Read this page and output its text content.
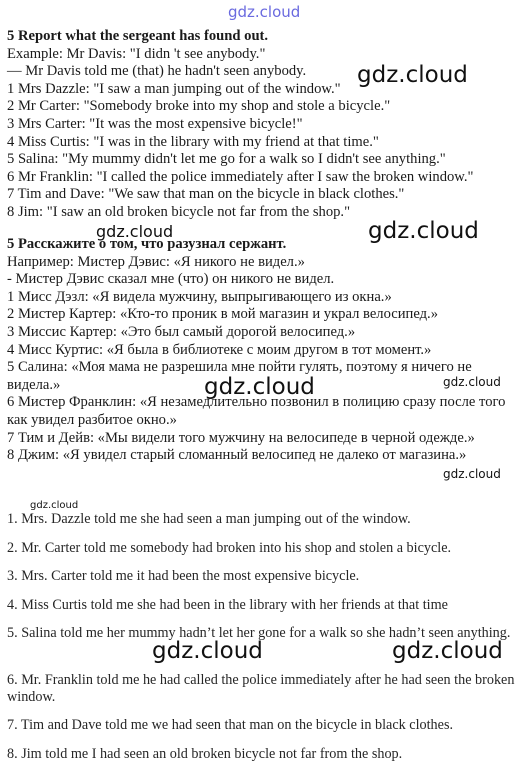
gdz.cloud
gdz.cloud
gdz.cloud
gdz.cloud
gdz.cloud	gdz.cloud
gdz.cloud
gdz.cloud
gdz.cloud	gdz.cloud
5 Report what the sergeant has found out.
Example: Mr Davis: "I didn 't see anybody."
— Mr Davis told me (that) he hadn't seen anybody.
1 Mrs Dazzle: "I saw a man jumping out of the window."
2 Mr Carter: "Somebody broke into my shop and stole a bicycle."
3 Mrs Carter: "It was the most expensive bicycle!"
4 Miss Curtis: "I was in the library with my friend at that time."
5 Salina: "My mummy didn't let me go for a walk so I didn't see anything."
6 Mr Franklin: "I called the police immediately after I saw the broken window."
7 Tim and Dave: "We saw that man on the bicycle in black clothes."
8 Jim: "I saw an old broken bicycle not far from the shop."
5 Расскажите о том, что разузнал сержант.
Например: Мистер Дэвис: «Я никого не видел.»
- Мистер Дэвис сказал мне (что) он никого не видел.
1 Мисс Дэзл: «Я видела мужчину, выпрыгивающего из окна.»
2 Мистер Картер: «Кто-то проник в мой магазин и украл велосипед.»
3 Миссис Картер: «Это был самый дорогой велосипед.»
4 Мисс Куртис: «Я была в библиотеке с моим другом в тот момент.»
5 Салина: «Моя мама не разрешила мне пойти гулять, поэтому я ничего не видела.»
6 Мистер Франклин: «Я незамедлительно позвонил в полицию сразу после того как увидел разбитое окно.»
7 Тим и Дейв: «Мы видели того мужчину на велосипеде в черной одежде.»
8 Джим: «Я увидел старый сломанный велосипед не далеко от магазина.»
1. Mrs. Dazzle told me she had seen a man jumping out of the window.
2. Mr. Carter told me somebody had broken into his shop and stolen a bicycle.
3. Mrs. Carter told me it had been the most expensive bicycle.
4. Miss Curtis told me she had been in the library with her friends at that time
5. Salina told me her mummy hadn’t let her gone for a walk so she hadn’t seen anything.
6. Mr. Franklin told me he had called the police immediately after he had seen the broken window.
7. Tim and Dave told me we had seen that man on the bicycle in black clothes.
8. Jim told me I had seen an old broken bicycle not far from the shop.
